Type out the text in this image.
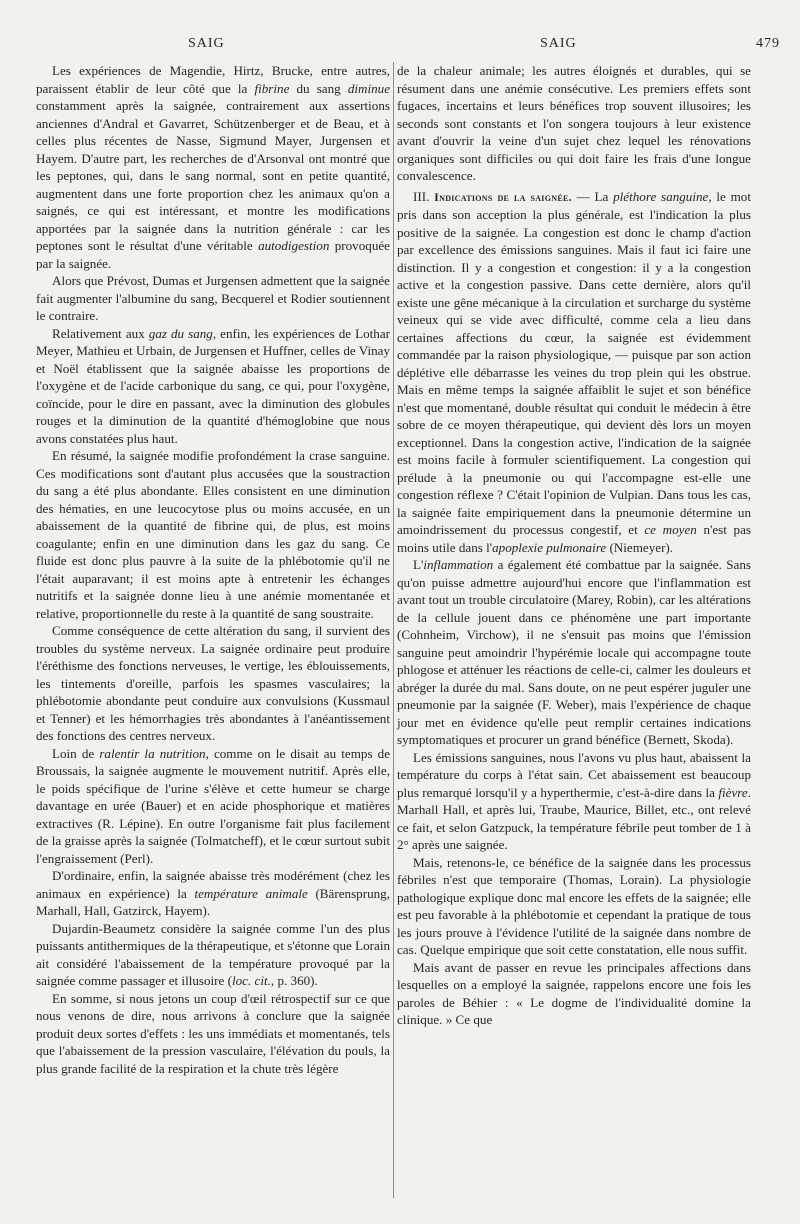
SAIG	SAIG	479

Les expériences de Magendie, Hirtz, Brucke, entre autres, paraissent établir de leur côté que la fibrine du sang diminue constamment après la saignée, contrairement aux assertions anciennes d'Andral et Gavarret, Schützenberger et de Beau, et à celles plus récentes de Nasse, Sigmund Mayer, Jurgensen et Hayem. D'autre part, les recherches de d'Arsonval ont montré que les peptones, qui, dans le sang normal, sont en petite quantité, augmentent dans une forte proportion chez les animaux qu'on a saignés, ce qui est intéressant, et montre les modifications apportées par la saignée dans la nutrition générale : car les peptones sont le résultat d'une véritable autodigestion provoquée par la saignée.

Alors que Prévost, Dumas et Jurgensen admettent que la saignée fait augmenter l'albumine du sang, Becquerel et Rodier soutiennent le contraire.

Relativement aux gaz du sang, enfin, les expériences de Lothar Meyer, Mathieu et Urbain, de Jurgensen et Huffner, celles de Vinay et Noël établissent que la saignée abaisse les proportions de l'oxygène et de l'acide carbonique du sang, ce qui, pour l'oxygène, coïncide, pour le dire en passant, avec la diminution des globules rouges et la diminution de la quantité d'hémoglobine que nous avons constatées plus haut.

En résumé, la saignée modifie profondément la crase sanguine. Ces modifications sont d'autant plus accusées que la soustraction du sang a été plus abondante. Elles consistent en une diminution des hématies, en une leucocytose plus ou moins accusée, en un abaissement de la quantité de fibrine qui, de plus, est moins coagulante; enfin en une diminution dans les gaz du sang. Ce fluide est donc plus pauvre à la suite de la phlébotomie qu'il ne l'était auparavant; il est moins apte à entretenir les échanges nutritifs et la saignée donne lieu à une anémie momentanée et relative, proportionnelle du reste à la quantité de sang soustraite.

Comme conséquence de cette altération du sang, il survient des troubles du système nerveux. La saignée ordinaire peut produire l'éréthisme des fonctions nerveuses, le vertige, les éblouissements, les tintements d'oreille, parfois les spasmes vasculaires; la phlébotomie abondante peut conduire aux convulsions (Kussmaul et Tenner) et les hémorrhagies très abondantes à l'anéantissement des fonctions des centres nerveux.

Loin de ralentir la nutrition, comme on le disait au temps de Broussais, la saignée augmente le mouvement nutritif. Après elle, le poids spécifique de l'urine s'élève et cette humeur se charge davantage en urée (Bauer) et en acide phosphorique et matières extractives (R. Lépine). En outre l'organisme fait plus facilement de la graisse après la saignée (Tolmatcheff), et le cœur surtout subit l'engraissement (Perl).

D'ordinaire, enfin, la saignée abaisse très modérément (chez les animaux en expérience) la température animale (Bärensprung, Marhall, Hall, Gatzirck, Hayem).

Dujardin-Beaumetz considère la saignée comme l'un des plus puissants antithermiques de la thérapeutique, et s'étonne que Lorain ait considéré l'abaissement de la température provoqué par la saignée comme passager et illusoire (loc. cit., p. 360).

En somme, si nous jetons un coup d'œil rétrospectif sur ce que nous venons de dire, nous arrivons à conclure que la saignée produit deux sortes d'effets : les uns immédiats et momentanés, tels que l'abaissement de la pression vasculaire, l'élévation du pouls, la plus grande facilité de la respiration et la chute très légère

de la chaleur animale; les autres éloignés et durables, qui se résument dans une anémie consécutive. Les premiers effets sont fugaces, incertains et leurs bénéfices trop souvent illusoires; les seconds sont constants et l'on songera toujours à leur existence avant d'ouvrir la veine d'un sujet chez lequel les rénovations organiques sont difficiles ou qui doit faire les frais d'une longue convalescence.

III. Indications de la saignée. — La pléthore sanguine, le mot pris dans son acception la plus générale, est l'indication la plus positive de la saignée. La congestion est donc le champ d'action par excellence des émissions sanguines. Mais il faut ici faire une distinction. Il y a congestion et congestion: il y a la congestion active et la congestion passive. Dans cette dernière, alors qu'il existe une gêne mécanique à la circulation et surcharge du système veineux qui se vide avec difficulté, comme cela a lieu dans certaines affections du cœur, la saignée est évidemment commandée par la raison physiologique, — puisque par son action déplétive elle débarrasse les veines du trop plein qui les obstrue. Mais en même temps la saignée affaiblit le sujet et son bénéfice n'est que momentané, double résultat qui conduit le médecin à être sobre de ce moyen thérapeutique, qui devient dès lors un moyen exceptionnel. Dans la congestion active, l'indication de la saignée est moins facile à formuler scientifiquement. La congestion qui prélude à la pneumonie ou qui l'accompagne est-elle une congestion réflexe ? C'était l'opinion de Vulpian. Dans tous les cas, la saignée faite empiriquement dans la pneumonie détermine un amoindrissement du processus congestif, et ce moyen n'est pas moins utile dans l'apoplexie pulmonaire (Niemeyer).

L'inflammation a également été combattue par la saignée. Sans qu'on puisse admettre aujourd'hui encore que l'inflammation est avant tout un trouble circulatoire (Marey, Robin), car les altérations de la cellule jouent dans ce phénomène une part importante (Cohnheim, Virchow), il ne s'ensuit pas moins que l'émission sanguine peut amoindrir l'hypérémie locale qui accompagne toute phlogose et atténuer les réactions de celle-ci, calmer les douleurs et abréger la durée du mal. Sans doute, on ne peut espérer juguler une pneumonie par la saignée (F. Weber), mais l'expérience de chaque jour met en évidence qu'elle peut remplir certaines indications symptomatiques et procurer un grand bénéfice (Bernett, Skoda).

Les émissions sanguines, nous l'avons vu plus haut, abaissent la température du corps à l'état sain. Cet abaissement est beaucoup plus remarqué lorsqu'il y a hyperthermie, c'est-à-dire dans la fièvre. Marhall Hall, et après lui, Traube, Maurice, Billet, etc., ont relevé ce fait, et selon Gatzpuck, la température fébrile peut tomber de 1 à 2° après une saignée.

Mais, retenons-le, ce bénéfice de la saignée dans les processus fébriles n'est que temporaire (Thomas, Lorain). La physiologie pathologique explique donc mal encore les effets de la saignée; elle est peu favorable à la phlébotomie et cependant la pratique de tous les jours prouve à l'évidence l'utilité de la saignée dans nombre de cas. Quelque empirique que soit cette constatation, elle nous suffit.

Mais avant de passer en revue les principales affections dans lesquelles on a employé la saignée, rappelons encore une fois les paroles de Béhier : « Le dogme de l'individualité domine la clinique. » Ce que
